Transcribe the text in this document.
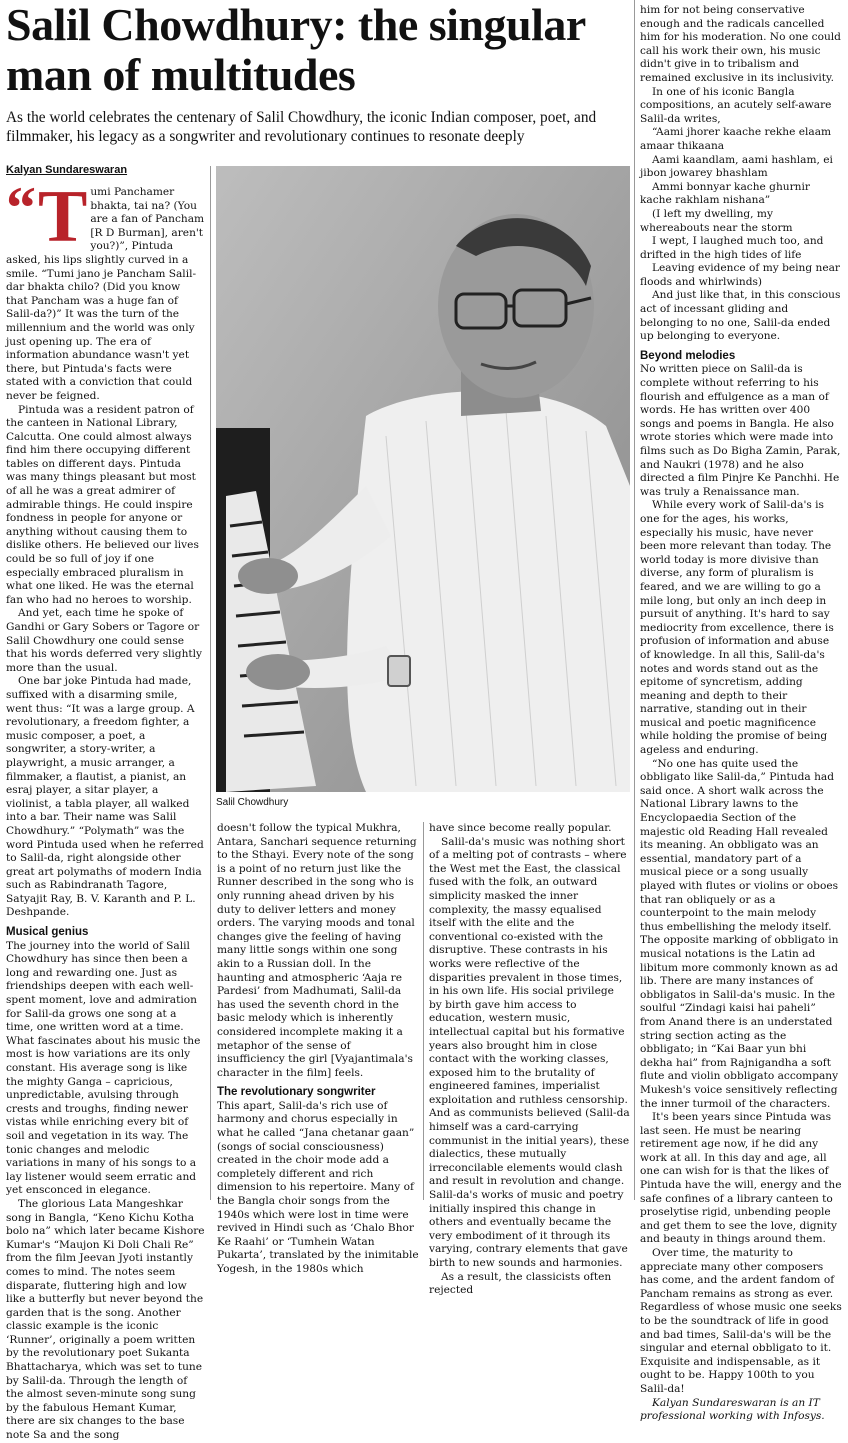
Salil Chowdhury: the singular man of multitudes

As the world celebrates the centenary of Salil Chowdhury, the iconic Indian composer, poet, and filmmaker, his legacy as a songwriter and revolutionary continues to resonate deeply

Kalyan Sundareswaran
“ T umi Panchamer bhakta, tai na? (You are a fan of Pancham [R D Burman], aren't you?)”, Pintuda asked, his lips slightly curved in a smile. “Tumi jano je Pancham Salil-dar bhakta chilo? (Did you know that Pancham was a huge fan of Salil-da?)” It was the turn of the millennium and the world was only just opening up. The era of information abundance wasn't yet there, but Pintuda's facts were stated with a conviction that could never be feigned.

Pintuda was a resident patron of the canteen in National Library, Calcutta. One could almost always find him there occupying different tables on different days. Pintuda was many things pleasant but most of all he was a great admirer of admirable things. He could inspire fondness in people for anyone or anything without causing them to dislike others. He believed our lives could be so full of joy if one especially embraced pluralism in what one liked. He was the eternal fan who had no heroes to worship.

And yet, each time he spoke of Gandhi or Gary Sobers or Tagore or Salil Chowdhury one could sense that his words deferred very slightly more than the usual.

One bar joke Pintuda had made, suffixed with a disarming smile, went thus: “It was a large group. A revolutionary, a freedom fighter, a music composer, a poet, a songwriter, a story-writer, a playwright, a music arranger, a filmmaker, a flautist, a pianist, an esraj player, a sitar player, a violinist, a tabla player, all walked into a bar. Their name was Salil Chowdhury.” “Polymath” was the word Pintuda used when he referred to Salil-da, right alongside other great art polymaths of modern India such as Rabindranath Tagore, Satyajit Ray, B. V. Karanth and P. L. Deshpande.

Musical genius

The journey into the world of Salil Chowdhury has since then been a long and rewarding one. Just as friendships deepen with each well-spent moment, love and admiration for Salil-da grows one song at a time, one written word at a time. What fascinates about his music the most is how variations are its only constant. His average song is like the mighty Ganga – capricious, unpredictable, avulsing through crests and troughs, finding newer vistas while enriching every bit of soil and vegetation in its way. The tonic changes and melodic variations in many of his songs to a lay listener would seem erratic and yet ensconced in elegance.

The glorious Lata Mangeshkar song in Bangla, “Keno Kichu Kotha bolo na” which later became Kishore Kumar's “Maujon Ki Doli Chali Re” from the film Jeevan Jyoti instantly comes to mind. The notes seem disparate, fluttering high and low like a butterfly but never beyond the garden that is the song. Another classic example is the iconic ‘Runner’, originally a poem written by the revolutionary poet Sukanta Bhattacharya, which was set to tune by Salil-da. Through the length of the almost seven-minute song sung by the fabulous Hemant Kumar, there are six changes to the base note Sa and the song

Salil Chowdhury

doesn't follow the typical Mukhra, Antara, Sanchari sequence returning to the Sthayi. Every note of the song is a point of no return just like the Runner described in the song who is only running ahead driven by his duty to deliver letters and money orders. The varying moods and tonal changes give the feeling of having many little songs within one song akin to a Russian doll. In the haunting and atmospheric ‘Aaja re Pardesi’ from Madhumati, Salil-da has used the seventh chord in the basic melody which is inherently considered incomplete making it a metaphor of the sense of insufficiency the girl [Vyajantimala's character in the film] feels.

The revolutionary songwriter

This apart, Salil-da's rich use of harmony and chorus especially in what he called “Jana chetanar gaan” (songs of social consciousness) created in the choir mode add a completely different and rich dimension to his repertoire. Many of the Bangla choir songs from the 1940s which were lost in time were revived in Hindi such as ‘Chalo Bhor Ke Raahi’ or ‘Tumhein Watan Pukarta’, translated by the inimitable Yogesh, in the 1980s which

have since become really popular.

Salil-da's music was nothing short of a melting pot of contrasts – where the West met the East, the classical fused with the folk, an outward simplicity masked the inner complexity, the massy equalised itself with the elite and the conventional co-existed with the disruptive. These contrasts in his works were reflective of the disparities prevalent in those times, in his own life. His social privilege by birth gave him access to education, western music, intellectual capital but his formative years also brought him in close contact with the working classes, exposed him to the brutality of engineered famines, imperialist exploitation and ruthless censorship. And as communists believed (Salil-da himself was a card-carrying communist in the initial years), these dialectics, these mutually irreconcilable elements would clash and result in revolution and change. Salil-da's works of music and poetry initially inspired this change in others and eventually became the very embodiment of it through its varying, contrary elements that gave birth to new sounds and harmonies.

As a result, the classicists often rejected

him for not being conservative enough and the radicals cancelled him for his moderation. No one could call his work their own, his music didn't give in to tribalism and remained exclusive in its inclusivity.

In one of his iconic Bangla compositions, an acutely self-aware Salil-da writes,

“Aami jhorer kaache rekhe elaam amaar thikaana

Aami kaandlam, aami hashlam, ei jibon jowarey bhashlam

Ammi bonnyar kache ghurnir kache rakhlam nishana”

(I left my dwelling, my whereabouts near the storm

I wept, I laughed much too, and drifted in the high tides of life

Leaving evidence of my being near floods and whirlwinds)

And just like that, in this conscious act of incessant gliding and belonging to no one, Salil-da ended up belonging to everyone.

Beyond melodies

No written piece on Salil-da is complete without referring to his flourish and effulgence as a man of words. He has written over 400 songs and poems in Bangla. He also wrote stories which were made into films such as Do Bigha Zamin, Parak, and Naukri (1978) and he also directed a film Pinjre Ke Panchhi. He was truly a Renaissance man.

While every work of Salil-da's is one for the ages, his works, especially his music, have never been more relevant than today. The world today is more divisive than diverse, any form of pluralism is feared, and we are willing to go a mile long, but only an inch deep in pursuit of anything. It's hard to say mediocrity from excellence, there is profusion of information and abuse of knowledge. In all this, Salil-da's notes and words stand out as the epitome of syncretism, adding meaning and depth to their narrative, standing out in their musical and poetic magnificence while holding the promise of being ageless and enduring.

“No one has quite used the obbligato like Salil-da,” Pintuda had said once. A short walk across the National Library lawns to the Encyclopaedia Section of the majestic old Reading Hall revealed its meaning. An obbligato was an essential, mandatory part of a musical piece or a song usually played with flutes or violins or oboes that ran obliquely or as a counterpoint to the main melody thus embellishing the melody itself. The opposite marking of obbligato in musical notations is the Latin ad libitum more commonly known as ad lib. There are many instances of obbligatos in Salil-da's music. In the soulful “Zindagi kaisi hai paheli” from Anand there is an understated string section acting as the obbligato; in “Kai Baar yun bhi dekha hai” from Rajnigandha a soft flute and violin obbligato accompany Mukesh's voice sensitively reflecting the inner turmoil of the characters.

It's been years since Pintuda was last seen. He must be nearing retirement age now, if he did any work at all. In this day and age, all one can wish for is that the likes of Pintuda have the will, energy and the safe confines of a library canteen to proselytise rigid, unbending people and get them to see the love, dignity and beauty in things around them.

Over time, the maturity to appreciate many other composers has come, and the ardent fandom of Pancham remains as strong as ever. Regardless of whose music one seeks to be the soundtrack of life in good and bad times, Salil-da's will be the singular and eternal obbligato to it. Exquisite and indispensable, as it ought to be. Happy 100th to you Salil-da!

Kalyan Sundareswaran is an IT professional working with Infosys.
